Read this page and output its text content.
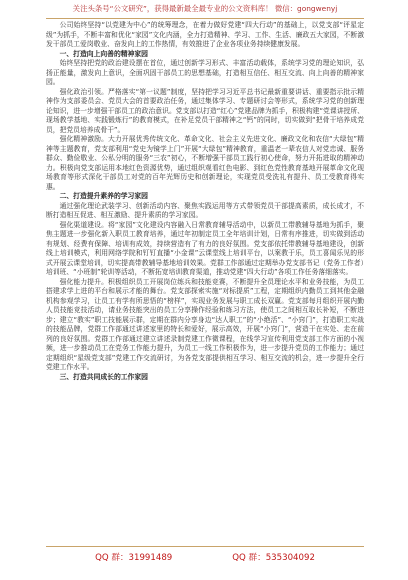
关注头条号“公文研究”，获得最新最全最专业的公文资料库！ 微信：gongwenyj

公司始终坚持“以党建为中心”的统筹理念，在着力做好党建“四大行动”的基础上，以党支部“评星定级”为抓手，不断丰富和优化“家园”文化内涵，全力打造精神、学习、工作、生活、廉政五大家园，不断激发干部员工爱岗敬业、奋发向上的工作热情，有效推进了企业各项业务持续健康发展。

一、打造向上向善的精神家园

始终坚持把党的政治建设摆在首位，通过创新学习形式、丰富活动载体，系统学习党的理论知识，弘扬正能量，激发向上意识，全面巩固干部员工的思想基础，打造相互信任、相互交流、向上向善的精神家园。

强化政治引领。严格落实“第一议题”制度，坚持把学习习近平总书记最新重要讲话、重要指示批示精神作为支部委员会、党员大会的首要政治任务，通过集体学习、专题研讨会等形式，系统学习党的创新理论知识，进一步增强干部员工的政治意识。党支部以打造“红心”党建品牌为抓手，积极构建“党课讲授所、现场教学基地、实践锻炼行”的教育模式，在补足党员干部精神之“钙”的同时，切实做到“把骨干培养成党员，把党员培养成骨干”。

强化精神激励。大力开展优秀传统文化、革命文化、社会主义先进文化、廉政文化和农信“大绿包”精神等主题教育，党支部利用“党史为镜学上门”开展“大绿包”精神教育，重温老一辈农信人对党忠诚、服务群众、勤俭敬业、公私分明的服务“三农”初心，不断增强干部员工践行初心使命，努力开拓进取的精神动力。积极向党支部运用本地红色资源优势，通过组织观看红色电影、到红色党性教育基地开展革命文化现场教育等形式深化干部员工对党的百年光辉历史和创新理论，实现党员受洗礼有提升、员工受教育得实惠。

二、打造提升素养的学习家园

通过强化理论武装学习、创新活动内容、聚焦实践运用等方式带领党员干部提高素质，成长成才，不断打造相互促进、相互激励、提升素质的学习家园。

强化渠道建设。将“家园”文化建设内容融入日常教育辅导活动中，以新员工带教辅导基地为抓手，聚焦主题进一步强化新入职员工教育培养，通过年初制定员工全年培训计划，日常有序推进，切实做到活动有规划、经费有保障、培训有成效，持续营造有了有力的良好氛围。党支部依托带教辅导基地建设，创新线上培训模式，利用网络学院和钉钉直播“小金课”云课堂线上培训平台，以案教于乐，员工喜闻乐见的形式开展云课堂培训，切实提高带教辅导基地培训效果。党群工作部通过定期举办党支部书记（党务工作者）培训班、“小班制”轮训等活动，不断拓宽培训教育渠道，推动党建“四大行动”各项工作任务落细落实。

强化能力提升。积极组织员工开展岗位练兵和技能竞赛，不断提升全员理论水平和业务技能，为员工搭建求学上进的平台和展示才能的舞台。党支部探索实施“对标提质”工程，定期组织内勤员工到其他金融机构参观学习，让员工有学有所思悟的“榜样”，实现业务发展与职工成长双赢。党支部每月组织开展内勤人员技能竞技活动，请业务技能突出的员工分享操作经验和练习方法，使员工之间相互取长补短，不断进步；建立“教实”职工技能展示群，定期在群内分享身边“达人职工”的“小绝活”、“小窍门”，打造职工实战的技能品牌，党群工作部通过讲述家里的特长和爱好，展示高效，开展“小窍门”，营造干在实处、走在前列的良好氛围。党群工作部通过建立讲述录制党建工作微课程，在线学习宣传利用党支部工作方面的小视频，进一步推动员工在党务工作能力提升，为员工一线工作积极作为，进一步提升党员的工作能力；通过定期组织“星级党支部”党建工作交流研讨，为各党支部提供相互学习、相互交流的机会，进一步提升全行党建工作水平。

三、打造共同成长的工作家园

QQ 群：31991489	QQ 群：535304092
